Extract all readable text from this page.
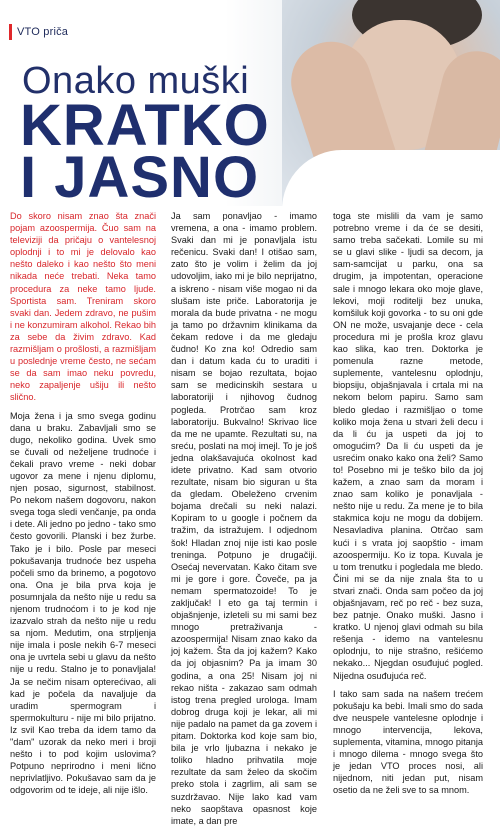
VTO priča
Onako muški
KRATKO
I JASNO

Do skoro nisam znao šta znači pojam azoospermija. Čuo sam na televiziji da pričaju o vantelesnoj oplodnji i to mi je delovalo kao nešto daleko i kao nešto što meni nikada neće trebati. Neka tamo procedura za neke tamo ljude. Sportista sam. Treniram skoro svaki dan. Jedem zdravo, ne pušim i ne konzumiram alkohol. Rekao bih za sebe da živim zdravo. Kad razmišljam o prošlosti, a razmišljam u poslednje vreme često, ne sećam se da sam imao neku povredu, neko zapaljenje ušiju ili nešto slično.

Moja žena i ja smo svega godinu dana u braku. Zabavljali smo se dugo, nekoliko godina. Uvek smo se čuvali od neželjene trudnoće i čekali pravo vreme - neki dobar ugovor za mene i njenu diplomu, njen posao, sigurnost, stabilnost. Po nekom našem dogovoru, nakon svega toga sledi venčanje, pa onda i dete. Ali jedno po jedno - tako smo često govorili. Planski i bez žurbe. Tako je i bilo. Posle par meseci pokušavanja trudnoće bez uspeha počeli smo da brinemo, a pogotovo ona. Ona je bila prva koja je posumnjala da nešto nije u redu sa njenom trudnoćom i to je kod nje izazvalo strah da nešto nije u redu sa njom. Medutim, ona strpljenja nije imala i posle nekih 6-7 meseci ona je uvrtela sebi u glavu da nešto nije u redu. Stalno je to ponavljala! Ja se nečim nisam opterećivao, ali kad je počela da navaljuje da uradim spermogram i spermokulturu - nije mi bilo prijatno. Iz svil Kao treba da idem tamo da "dam" uzorak da neko meri i broji nešto i to pod kojim uslovima? Potpuno neprirodno i meni lično neprivlatljivo. Pokušavao sam da je odgovorim od te ideje, ali nije išlo.

Ja sam ponavljao - imamo vremena, a ona - imamo problem. Svaki dan mi je ponavljala istu rečenicu. Svaki dan! I otišao sam, zato što je volim i želim da joj udovoljim, iako mi je bilo neprijatno, a iskreno - nisam više mogao ni da slušam iste priče. Laboratorija je morala da bude privatna - ne mogu ja tamo po državnim klinikama da čekam redove i da me gledaju čudno! Ko zna ko! Odredio sam dan i datum kada ću to uraditi i nisam se bojao rezultata, bojao sam se medicinskih sestara u laboratoriji i njihovog čudnog pogleda. Protrčao sam kroz laboratoriju. Bukvalno! Skrivao lice da me ne upamte. Rezultati su, na sreću, poslati na moj imejl. To je još jedna olakšavajuća okolnost kad idete privatno. Kad sam otvorio rezultate, nisam bio siguran u šta da gledam. Obeleženo crvenim bojama drečali su neki nalazi. Kopiram to u google i počnem da tražim, da istražujem. I odjednom šok! Hladan znoj nije isti kao posle treninga. Potpuno je drugačiji. Osećaj nevervatan. Kako čitam sve mi je gore i gore. Čoveče, pa ja nemam spermatozoide! To je zaključak! I eto ga taj termin i objašnjenje, izleteli su mi sami bez mnogo pretraživanja - azoospermija! Nisam znao kako da joj kažem. Šta da joj kažem? Kako da joj objasnim? Pa ja imam 30 godina, a ona 25! Nisam joj ni rekao ništa - zakazao sam odmah istog trena pregled urologa. Imam dobrog druga koji je lekar, ali mi nije padalo na pamet da ga zovem i pitam. Doktorka kod koje sam bio, bila je vrlo ljubazna i nekako je toliko hladno prihvatila moje rezultate da sam želeo da skočim preko stola i zagrlim, ali sam se suzdržavao. Nije lako kad vam neko saopštava opasnost koje imate, a dan pre

toga ste mislili da vam je samo potrebno vreme i da će se desiti, samo treba sačekati. Lomile su mi se u glavi slike - ljudi sa decom, ja sam-samcijat u parku, ona sa drugim, ja impotentan, operacione sale i mnogo lekara oko moje glave, lekovi, moji roditelji bez unuka, komšiluk koji govorka - to su oni gde ON ne može, usvajanje dece - cela procedura mi je prošla kroz glavu kao slika, kao tren. Doktorka je pomenula razne metode, suplemente, vantelesnu oplodnju, biopsiju, objašnjavala i crtala mi na nekom belom papiru. Samo sam bledo gledao i razmišljao o tome koliko moja žena u stvari želi decu i da li ću ja uspeti da joj to omogućim? Da li ću uspeti da je usrećim onako kako ona želi? Samo to! Posebno mi je teško bilo da joj kažem, a znao sam da moram i znao sam koliko je ponavljala - nešto nije u redu. Za mene je to bila stakmica koju ne mogu da dobijem. Nesavladiva planina. Otrčao sam kući i s vrata joj saopštio - imam azoospermiju. Ko iz topa. Kuvala je u tom trenutku i pogledala me bledo. Čini mi se da nije znala šta to u stvari znači. Onda sam počeo da joj objašnjavam, reč po reč - bez suza, bez patnje. Onako muški. Jasno i kratko. U njenoj glavi odmah su bila rešenja - idemo na vantelesnu oplodnju, to nije strašno, rešićemo nekako... Njegdan osuđujuć pogled. Nijedna osuđujuća reč.

I tako sam sada na našem trećem pokušaju ka bebi. Imali smo do sada dve neuspele vantelesne oplodnje i mnogo intervencija, lekova, suplementa, vitamina, mnogo pitanja i mnogo dilema - mnogo svega što je jedan VTO proces nosi, ali nijednom, niti jedan put, nisam osetio da ne želi sve to sa mnom.
